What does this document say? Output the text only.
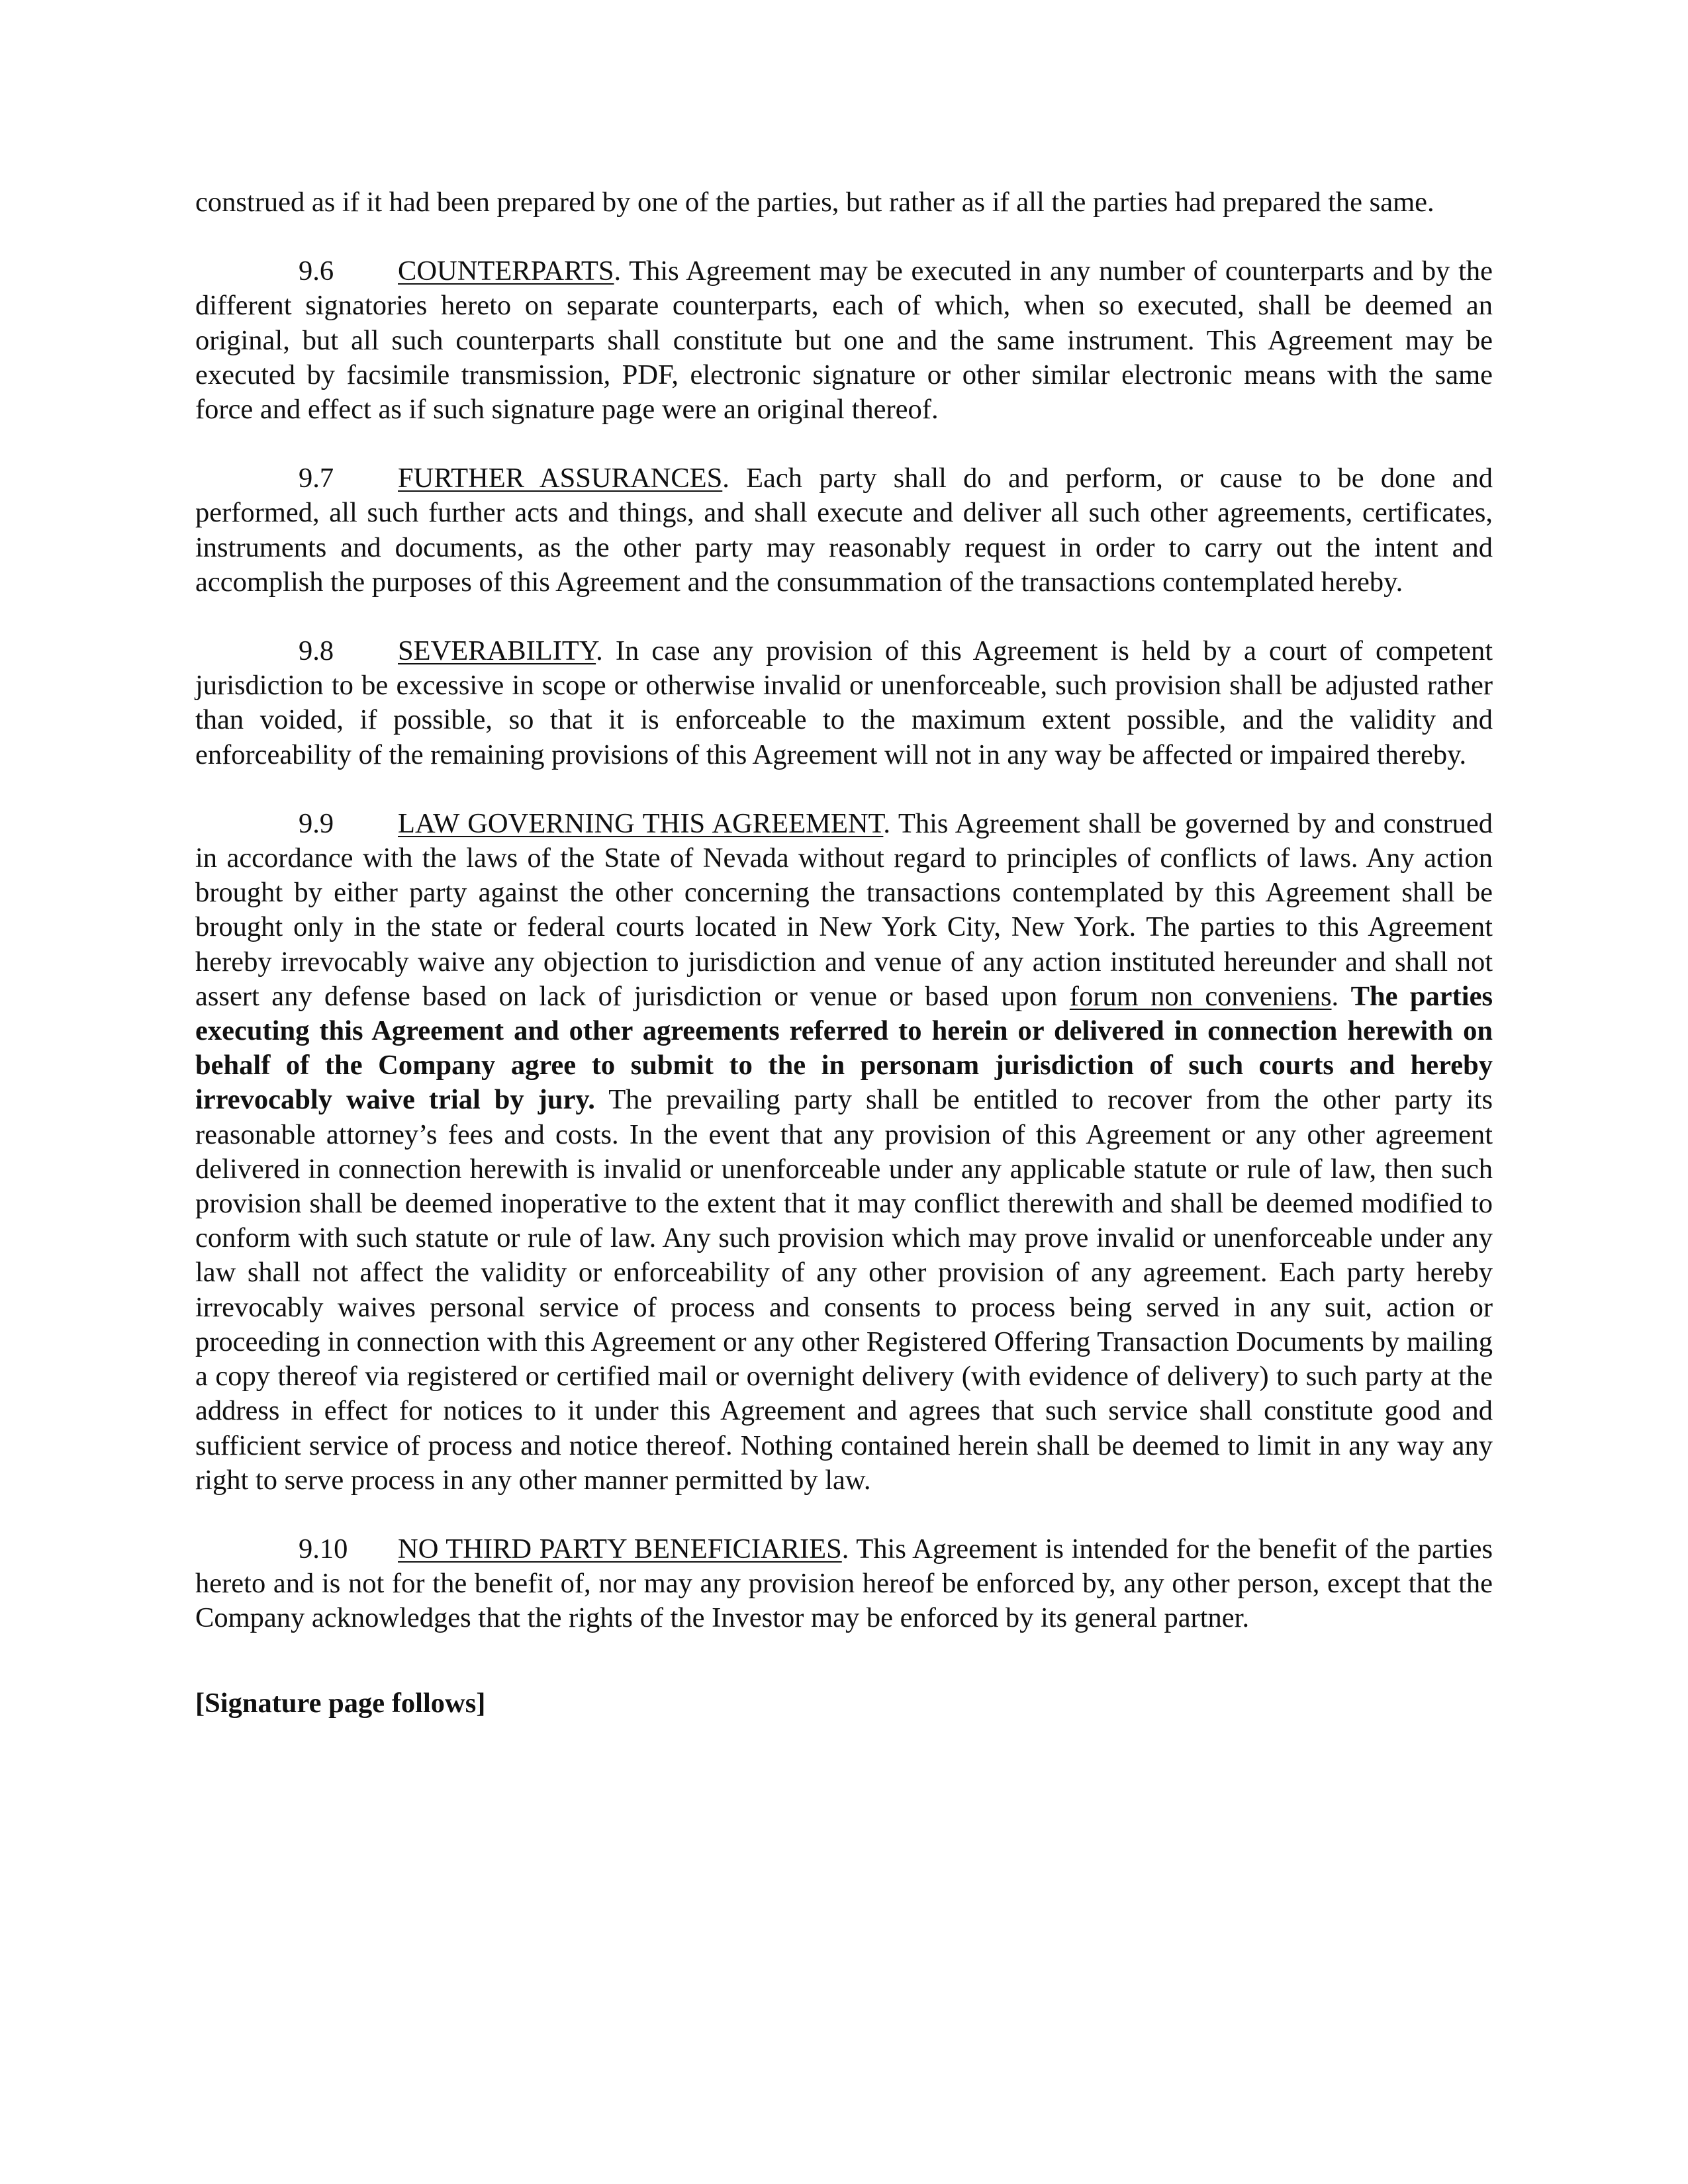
construed as if it had been prepared by one of the parties, but rather as if all the parties had prepared the same.

9.6 COUNTERPARTS. This Agreement may be executed in any number of counterparts and by the different signatories hereto on separate counterparts, each of which, when so executed, shall be deemed an original, but all such counterparts shall constitute but one and the same instrument. This Agreement may be executed by facsimile transmission, PDF, electronic signature or other similar electronic means with the same force and effect as if such signature page were an original thereof.

9.7 FURTHER ASSURANCES. Each party shall do and perform, or cause to be done and performed, all such further acts and things, and shall execute and deliver all such other agreements, certificates, instruments and documents, as the other party may reasonably request in order to carry out the intent and accomplish the purposes of this Agreement and the consummation of the transactions contemplated hereby.

9.8 SEVERABILITY. In case any provision of this Agreement is held by a court of competent jurisdiction to be excessive in scope or otherwise invalid or unenforceable, such provision shall be adjusted rather than voided, if possible, so that it is enforceable to the maximum extent possible, and the validity and enforceability of the remaining provisions of this Agreement will not in any way be affected or impaired thereby.

9.9 LAW GOVERNING THIS AGREEMENT. This Agreement shall be governed by and construed in accordance with the laws of the State of Nevada without regard to principles of conflicts of laws. Any action brought by either party against the other concerning the transactions contemplated by this Agreement shall be brought only in the state or federal courts located in New York City, New York. The parties to this Agreement hereby irrevocably waive any objection to jurisdiction and venue of any action instituted hereunder and shall not assert any defense based on lack of jurisdiction or venue or based upon forum non conveniens. The parties executing this Agreement and other agreements referred to herein or delivered in connection herewith on behalf of the Company agree to submit to the in personam jurisdiction of such courts and hereby irrevocably waive trial by jury. The prevailing party shall be entitled to recover from the other party its reasonable attorney’s fees and costs. In the event that any provision of this Agreement or any other agreement delivered in connection herewith is invalid or unenforceable under any applicable statute or rule of law, then such provision shall be deemed inoperative to the extent that it may conflict therewith and shall be deemed modified to conform with such statute or rule of law. Any such provision which may prove invalid or unenforceable under any law shall not affect the validity or enforceability of any other provision of any agreement. Each party hereby irrevocably waives personal service of process and consents to process being served in any suit, action or proceeding in connection with this Agreement or any other Registered Offering Transaction Documents by mailing a copy thereof via registered or certified mail or overnight delivery (with evidence of delivery) to such party at the address in effect for notices to it under this Agreement and agrees that such service shall constitute good and sufficient service of process and notice thereof. Nothing contained herein shall be deemed to limit in any way any right to serve process in any other manner permitted by law.

9.10 NO THIRD PARTY BENEFICIARIES. This Agreement is intended for the benefit of the parties hereto and is not for the benefit of, nor may any provision hereof be enforced by, any other person, except that the Company acknowledges that the rights of the Investor may be enforced by its general partner.

[Signature page follows]
